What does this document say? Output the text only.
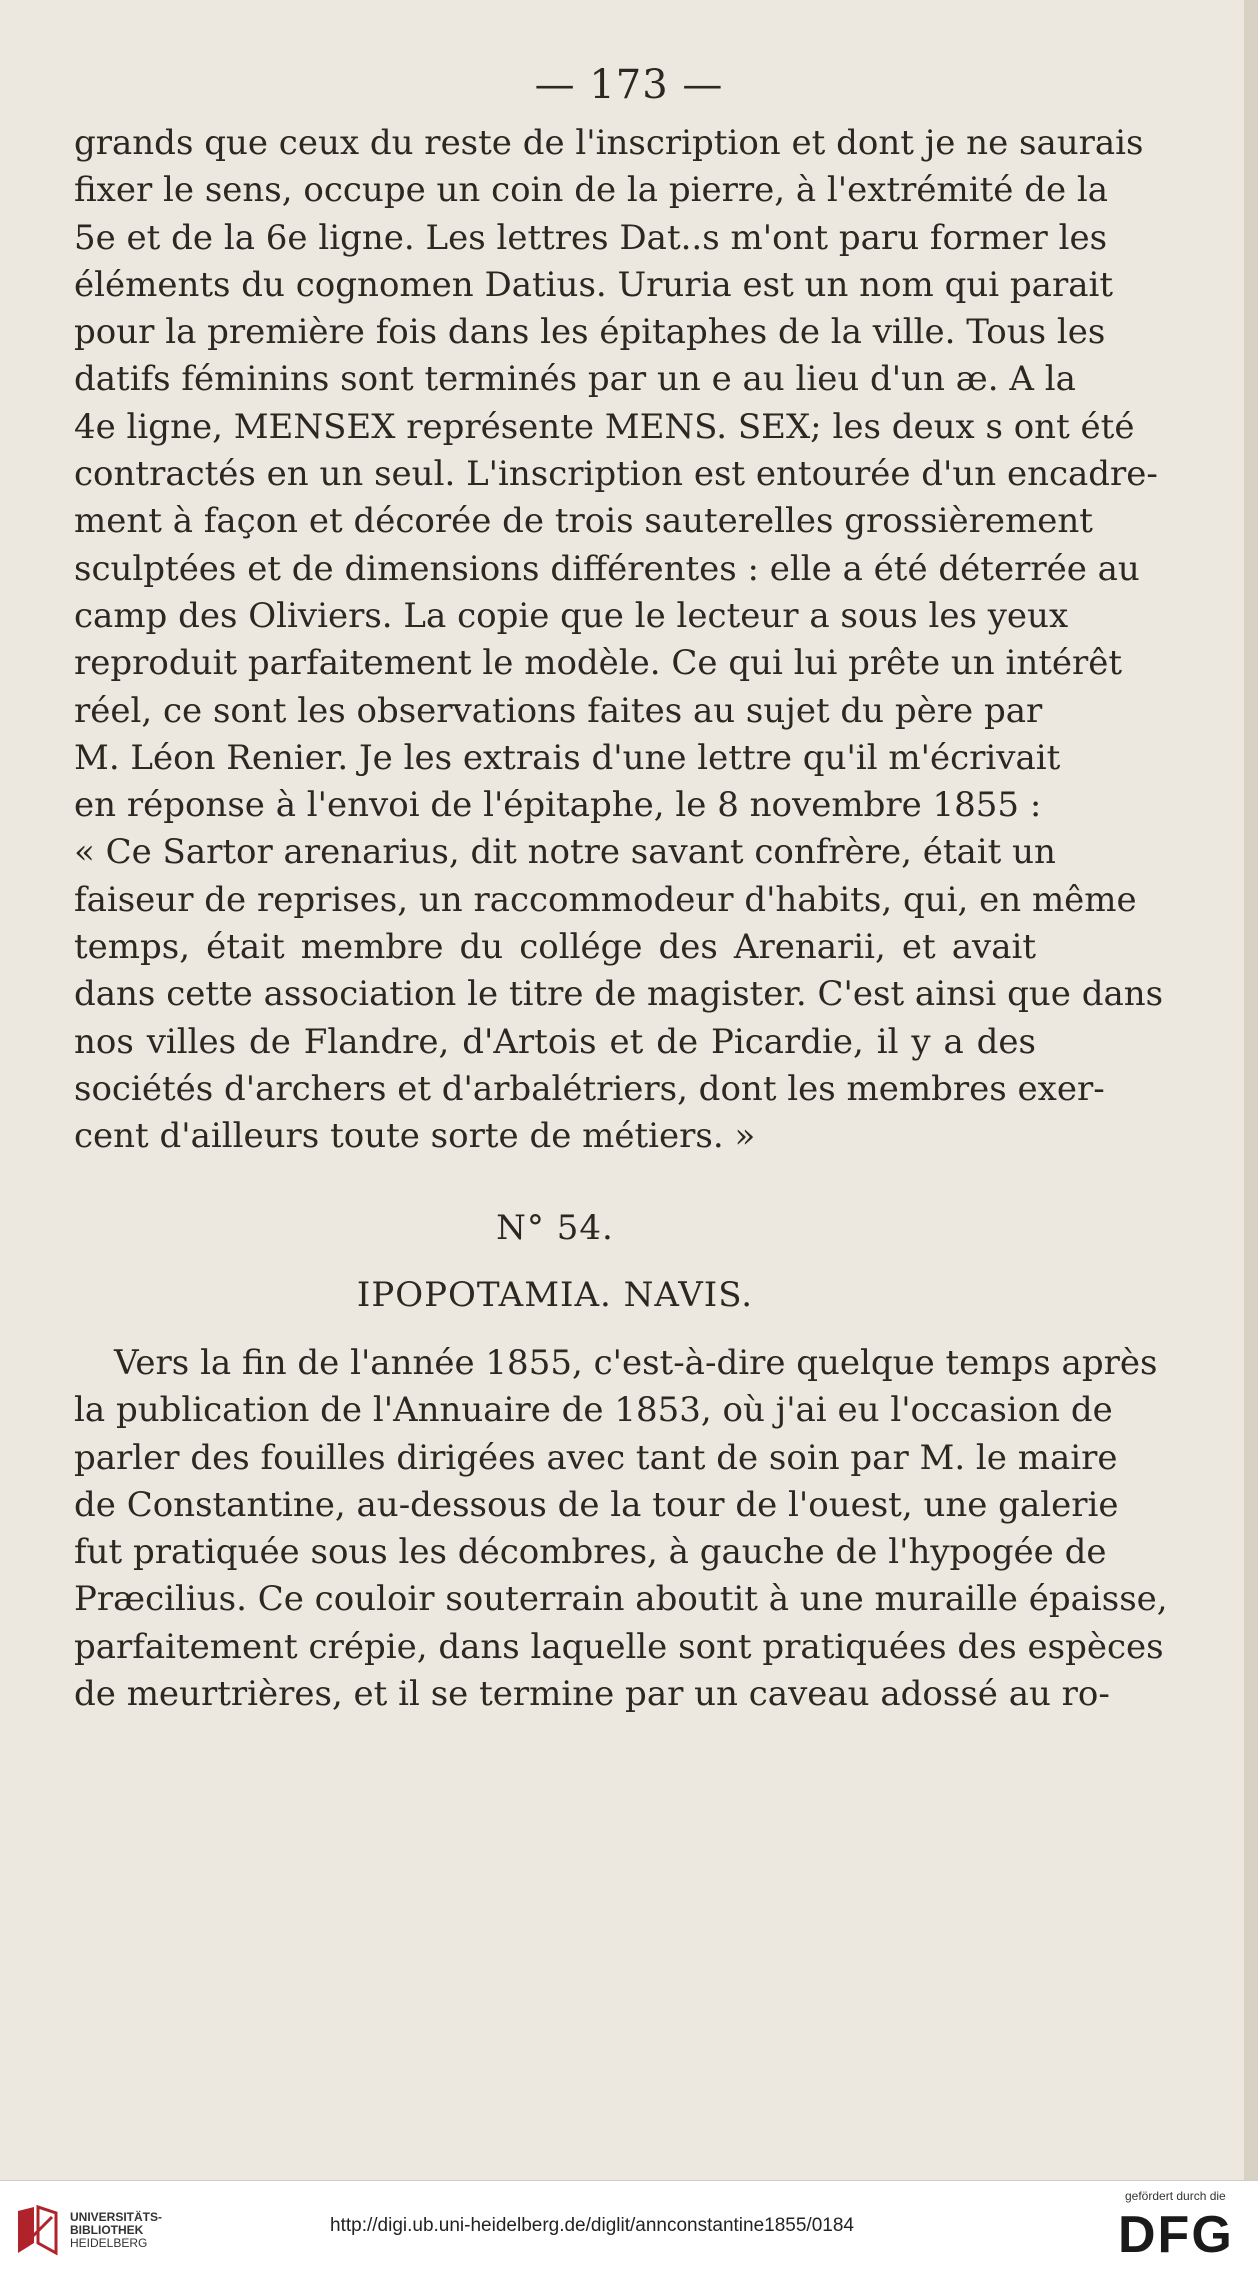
— 173 —

grands que ceux du reste de l'inscription et dont je ne saurais

fixer le sens, occupe un coin de la pierre, à l'extrémité de la

5e et de la 6e ligne. Les lettres Dat..s m'ont paru former les

éléments du cognomen Datius. Ururia est un nom qui parait

pour la première fois dans les épitaphes de la ville. Tous les

datifs féminins sont terminés par un e au lieu d'un æ. A la

4e ligne, MENSEX représente MENS. SEX; les deux s ont été

contractés en un seul. L'inscription est entourée d'un encadre-

ment à façon et décorée de trois sauterelles grossièrement

sculptées et de dimensions différentes : elle a été déterrée au

camp des Oliviers. La copie que le lecteur a sous les yeux

reproduit parfaitement le modèle. Ce qui lui prête un intérêt

réel, ce sont les observations faites au sujet du père par

M. Léon Renier. Je les extrais d'une lettre qu'il m'écrivait

en réponse à l'envoi de l'épitaphe, le 8 novembre 1855 :

« Ce Sartor arenarius, dit notre savant confrère, était un

faiseur de reprises, un raccommodeur d'habits, qui, en même

temps, était membre du collége des Arenarii, et avait

dans cette association le titre de magister. C'est ainsi que dans

nos villes de Flandre, d'Artois et de Picardie, il y a des

sociétés d'archers et d'arbalétriers, dont les membres exer-

cent d'ailleurs toute sorte de métiers. »

N° 54.
IPOPOTAMIA. NAVIS.

Vers la fin de l'année 1855, c'est-à-dire quelque temps après

la publication de l'Annuaire de 1853, où j'ai eu l'occasion de

parler des fouilles dirigées avec tant de soin par M. le maire

de Constantine, au-dessous de la tour de l'ouest, une galerie

fut pratiquée sous les décombres, à gauche de l'hypogée de

Præcilius. Ce couloir souterrain aboutit à une muraille épaisse,

parfaitement crépie, dans laquelle sont pratiquées des espèces

de meurtrières, et il se termine par un caveau adossé au ro-

UNIVERSITÄTS-
BIBLIOTHEK
HEIDELBERG
http://digi.ub.uni-heidelberg.de/diglit/annconstantine1855/0184
gefördert durch die
DFG
